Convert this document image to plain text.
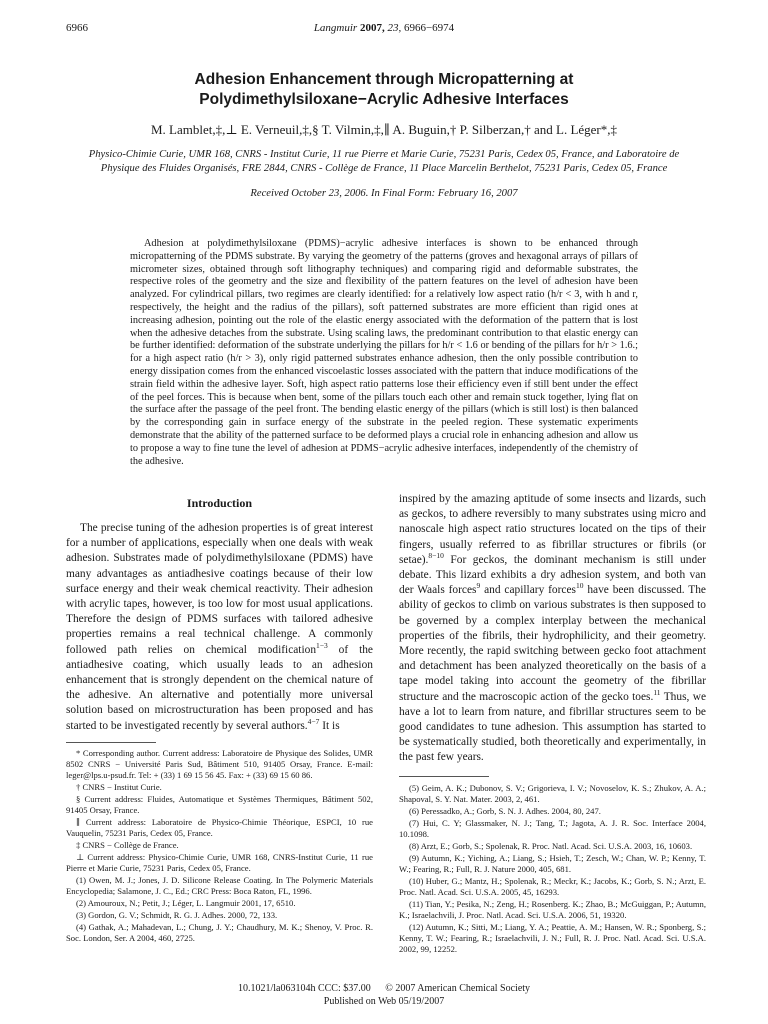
6966	Langmuir 2007, 23, 6966−6974
Adhesion Enhancement through Micropatterning at
Polydimethylsiloxane−Acrylic Adhesive Interfaces
M. Lamblet,‡,⊥ E. Verneuil,‡,§ T. Vilmin,‡,∥ A. Buguin,† P. Silberzan,† and L. Léger*,‡
Physico-Chimie Curie, UMR 168, CNRS - Institut Curie, 11 rue Pierre et Marie Curie, 75231 Paris, Cedex 05, France, and Laboratoire de Physique des Fluides Organisés, FRE 2844, CNRS - Collège de France, 11 Place Marcelin Berthelot, 75231 Paris, Cedex 05, France
Received October 23, 2006. In Final Form: February 16, 2007
Adhesion at polydimethylsiloxane (PDMS)−acrylic adhesive interfaces is shown to be enhanced through micropatterning of the PDMS substrate. By varying the geometry of the patterns (groves and hexagonal arrays of pillars of micrometer sizes, obtained through soft lithography techniques) and comparing rigid and deformable substrates, the respective roles of the geometry and the size and flexibility of the pattern features on the level of adhesion have been analyzed. For cylindrical pillars, two regimes are clearly identified: for a relatively low aspect ratio (h/r < 3, with h and r, respectively, the height and the radius of the pillars), soft patterned substrates are more efficient than rigid ones at increasing adhesion, pointing out the role of the elastic energy associated with the deformation of the pattern that is lost when the adhesive detaches from the substrate. Using scaling laws, the predominant contribution to that elastic energy can be further identified: deformation of the substrate underlying the pillars for h/r < 1.6 or bending of the pillars for h/r > 1.6.; for a high aspect ratio (h/r > 3), only rigid patterned substrates enhance adhesion, then the only possible contribution to energy dissipation comes from the enhanced viscoelastic losses associated with the pattern that induce modifications of the strain field within the adhesive layer. Soft, high aspect ratio patterns lose their efficiency even if still bent under the effect of the peel forces. This is because when bent, some of the pillars touch each other and remain stuck together, lying flat on the surface after the passage of the peel front. The bending elastic energy of the pillars (which is still lost) is then balanced by the corresponding gain in surface energy of the substrate in the peeled region. These systematic experiments demonstrate that the ability of the patterned surface to be deformed plays a crucial role in enhancing adhesion and allow us to propose a way to fine tune the level of adhesion at PDMS−acrylic adhesive interfaces, independently of the chemistry of the adhesive.
Introduction

The precise tuning of the adhesion properties is of great interest for a number of applications, especially when one deals with weak adhesion. Substrates made of polydimethylsiloxane (PDMS) have many advantages as antiadhesive coatings because of their low surface energy and their weak chemical reactivity. Their adhesion with acrylic tapes, however, is too low for most usual applications. Therefore the design of PDMS surfaces with tailored adhesive properties remains a real technical challenge. A commonly followed path relies on chemical modification$^{1-3}$ of the antiadhesive coating, which usually leads to an adhesion enhancement that is strongly dependent on the chemical nature of the adhesive. An alternative and potentially more universal solution based on microstructuration has been proposed and has started to be investigated recently by several authors.$^{4-7}$ It is

* Corresponding author. Current address: Laboratoire de Physique des Solides, UMR 8502 CNRS − Université Paris Sud, Bâtiment 510, 91405 Orsay, France. E-mail: leger@lps.u-psud.fr. Tel: + (33) 1 69 15 56 45. Fax: + (33) 69 15 60 86.

† CNRS − Institut Curie.

§ Current address: Fluides, Automatique et Systèmes Thermiques, Bâtiment 502, 91405 Orsay, France.

∥ Current address: Laboratoire de Physico-Chimie Théorique, ESPCI, 10 rue Vauquelin, 75231 Paris, Cedex 05, France.

‡ CNRS − Collège de France.

⊥ Current address: Physico-Chimie Curie, UMR 168, CNRS-Institut Curie, 11 rue Pierre et Marie Curie, 75231 Paris, Cedex 05, France.

(1) Owen, M. J.; Jones, J. D. Silicone Release Coating. In The Polymeric Materials Encyclopedia; Salamone, J. C., Ed.; CRC Press: Boca Raton, FL, 1996.

(2) Amouroux, N.; Petit, J.; Léger, L. Langmuir 2001, 17, 6510.

(3) Gordon, G. V.; Schmidt, R. G. J. Adhes. 2000, 72, 133.

(4) Gathak, A.; Mahadevan, L.; Chung, J. Y.; Chaudhury, M. K.; Shenoy, V. Proc. R. Soc. London, Ser. A 2004, 460, 2725.

inspired by the amazing aptitude of some insects and lizards, such as geckos, to adhere reversibly to many substrates using micro and nanoscale high aspect ratio structures located on the tips of their fingers, usually referred to as fibrillar structures or fibrils (or setae).$^{8-10}$ For geckos, the dominant mechanism is still under debate. This lizard exhibits a dry adhesion system, and both van der Waals forces$^9$ and capillary forces$^{10}$ have been discussed. The ability of geckos to climb on various substrates is then supposed to be governed by a complex interplay between the mechanical properties of the fibrils, their hydrophilicity, and their geometry. More recently, the rapid switching between gecko foot attachment and detachment has been analyzed theoretically on the basis of a tape model taking into account the geometry of the fibrillar structure and the macroscopic action of the gecko toes.$^{11}$ Thus, we have a lot to learn from nature, and fibrillar structures seem to be good candidates to tune adhesion. This assumption has started to be systematically studied, both theoretically and experimentally, in the past few years.

(5) Geim, A. K.; Dubonov, S. V.; Grigorieva, I. V.; Novoselov, K. S.; Zhukov, A. A.; Shapoval, S. Y. Nat. Mater. 2003, 2, 461.

(6) Peressadko, A.; Gorb, S. N. J. Adhes. 2004, 80, 247.

(7) Hui, C. Y; Glassmaker, N. J.; Tang, T.; Jagota, A. J. R. Soc. Interface 2004, 10.1098.

(8) Arzt, E.; Gorb, S.; Spolenak, R. Proc. Natl. Acad. Sci. U.S.A. 2003, 16, 10603.

(9) Autumn, K.; Yiching, A.; Liang, S.; Hsieh, T.; Zesch, W.; Chan, W. P.; Kenny, T. W.; Fearing, R.; Full, R. J. Nature 2000, 405, 681.

(10) Huber, G.; Mantz, H.; Spolenak, R.; Meckr, K.; Jacobs, K.; Gorb, S. N.; Arzt, E. Proc. Natl. Acad. Sci. U.S.A. 2005, 45, 16293.

(11) Tian, Y.; Pesika, N.; Zeng, H.; Rosenberg. K.; Zhao, B.; McGuiggan, P.; Autumn, K.; Israelachvili, J. Proc. Natl. Acad. Sci. U.S.A. 2006, 51, 19320.

(12) Autumn, K.; Sitti, M.; Liang, Y. A.; Peattie, A. M.; Hansen, W. R.; Sponberg, S.; Kenny, T. W.; Fearing, R.; Israelachvili, J. N.; Full, R. J. Proc. Natl. Acad. Sci. U.S.A. 2002, 99, 12252.

10.1021/la063104h CCC: $37.00 © 2007 American Chemical Society
Published on Web 05/19/2007
